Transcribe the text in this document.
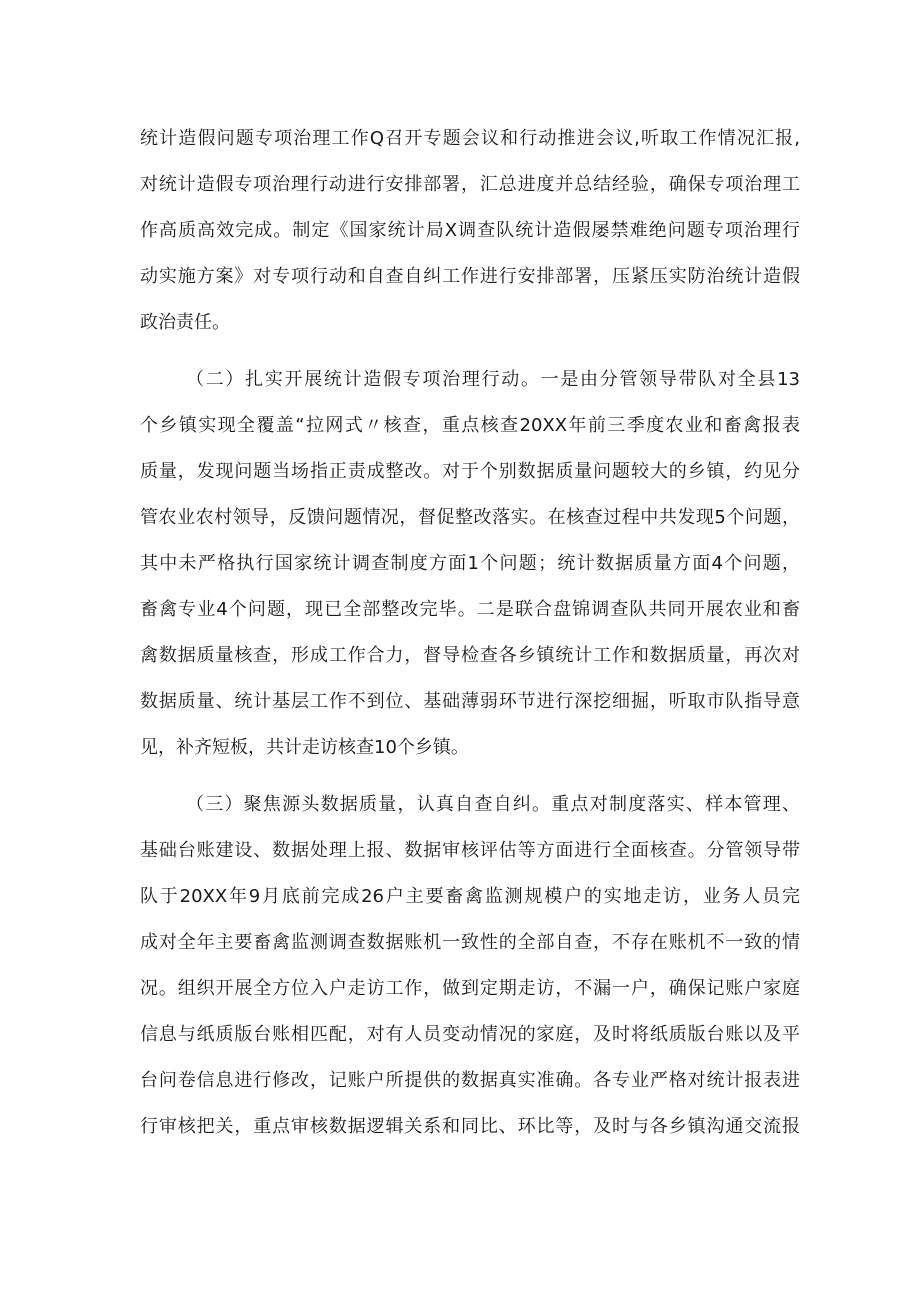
统计造假问题专项治理工作Q召开专题会议和行动推进会议,听取工作情况汇报,
对统计造假专项治理行动进行安排部署，汇总进度并总结经验，确保专项治理工
作高质高效完成。制定《国家统计局X调查队统计造假屡禁难绝问题专项治理行
动实施方案》对专项行动和自查自纠工作进行安排部署，压紧压实防治统计造假
政治责任。
（二）扎实开展统计造假专项治理行动。一是由分管领导带队对全县13
个乡镇实现全覆盖“拉网式〃核查，重点核查20XX年前三季度农业和畜禽报表
质量，发现问题当场指正责成整改。对于个别数据质量问题较大的乡镇，约见分
管农业农村领导，反馈问题情况，督促整改落实。在核查过程中共发现5个问题，
其中未严格执行国家统计调查制度方面1个问题；统计数据质量方面4个问题，
畜禽专业4个问题，现已全部整改完毕。二是联合盘锦调查队共同开展农业和畜
禽数据质量核查，形成工作合力，督导检查各乡镇统计工作和数据质量，再次对
数据质量、统计基层工作不到位、基础薄弱环节进行深挖细掘，听取市队指导意
见，补齐短板，共计走访核查10个乡镇。
（三）聚焦源头数据质量，认真自查自纠。重点对制度落实、样本管理、
基础台账建设、数据处理上报、数据审核评估等方面进行全面核查。分管领导带
队于20XX年9月底前完成26户主要畜禽监测规模户的实地走访，业务人员完
成对全年主要畜禽监测调查数据账机一致性的全部自查，不存在账机不一致的情
况。组织开展全方位入户走访工作，做到定期走访，不漏一户，确保记账户家庭
信息与纸质版台账相匹配，对有人员变动情况的家庭，及时将纸质版台账以及平
台问卷信息进行修改，记账户所提供的数据真实准确。各专业严格对统计报表进
行审核把关，重点审核数据逻辑关系和同比、环比等，及时与各乡镇沟通交流报
